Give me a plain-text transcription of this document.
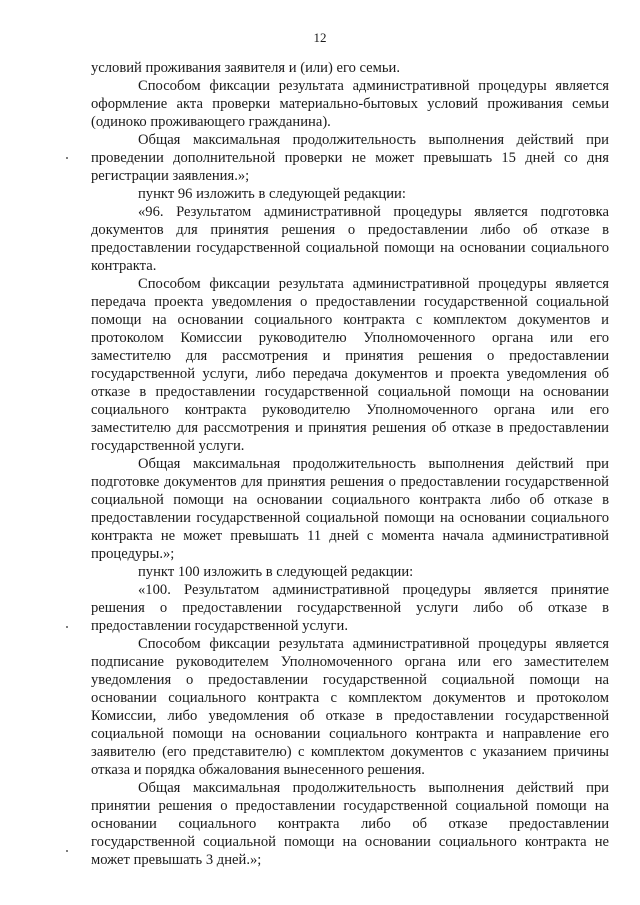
12

условий проживания заявителя и (или) его семьи.

Способом фиксации результата административной процедуры является оформление акта проверки материально-бытовых условий проживания семьи (одиноко проживающего гражданина).

Общая максимальная продолжительность выполнения действий при проведении дополнительной проверки не может превышать 15 дней со дня регистрации заявления.»;

пункт 96 изложить в следующей редакции:

«96. Результатом административной процедуры является подготовка документов для принятия решения о предоставлении либо об отказе в предоставлении государственной социальной помощи на основании социального контракта.

Способом фиксации результата административной процедуры является передача проекта уведомления о предоставлении государственной социальной помощи на основании социального контракта с комплектом документов и протоколом Комиссии руководителю Уполномоченного органа или его заместителю для рассмотрения и принятия решения о предоставлении государственной услуги, либо передача документов и проекта уведомления об отказе в предоставлении государственной социальной помощи на основании социального контракта руководителю Уполномоченного органа или его заместителю для рассмотрения и принятия решения об отказе в предоставлении государственной услуги.

Общая максимальная продолжительность выполнения действий при подготовке документов для принятия решения о предоставлении государственной социальной помощи на основании социального контракта либо об отказе в предоставлении государственной социальной помощи на основании социального контракта не может превышать 11 дней с момента начала административной процедуры.»;

пункт 100 изложить в следующей редакции:

«100. Результатом административной процедуры является принятие решения о предоставлении государственной услуги либо об отказе в предоставлении государственной услуги.

Способом фиксации результата административной процедуры является подписание руководителем Уполномоченного органа или его заместителем уведомления о предоставлении государственной социальной помощи на основании социального контракта с комплектом документов и протоколом Комиссии, либо уведомления об отказе в предоставлении государственной социальной помощи на основании социального контракта и направление его заявителю (его представителю) с комплектом документов с указанием причины отказа и порядка обжалования вынесенного решения.

Общая максимальная продолжительность выполнения действий при принятии решения о предоставлении государственной социальной помощи на основании социального контракта либо об отказе предоставлении государственной социальной помощи на основании социального контракта не может превышать 3 дней.»;
